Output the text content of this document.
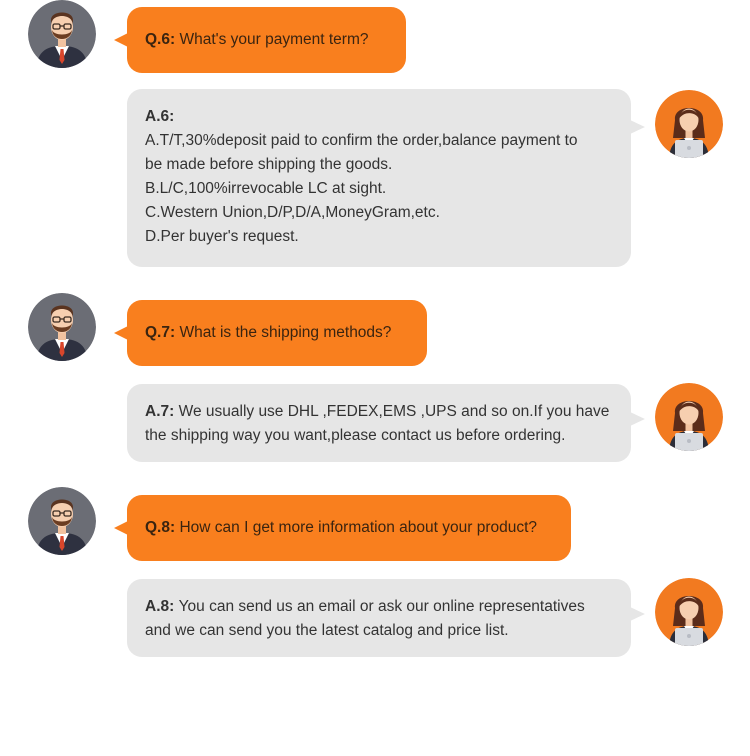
Q.6:
What's your payment term?
A.6:
A.T/T,30%deposit paid to confirm the order,balance payment to
be made before shipping the goods.
B.L/C,100%irrevocable LC at sight.
C.Western Union,D/P,D/A,MoneyGram,etc.
D.Per buyer's request.
Q.7:
What is the shipping methods?
A.7: We usually use DHL ,FEDEX,EMS ,UPS and so on.If you have
the shipping way you want,please contact us before ordering.
Q.8:
How can I get more information about your product?
A.8: You can send us an email or ask our online representatives
and we can send you the latest catalog and price list.
